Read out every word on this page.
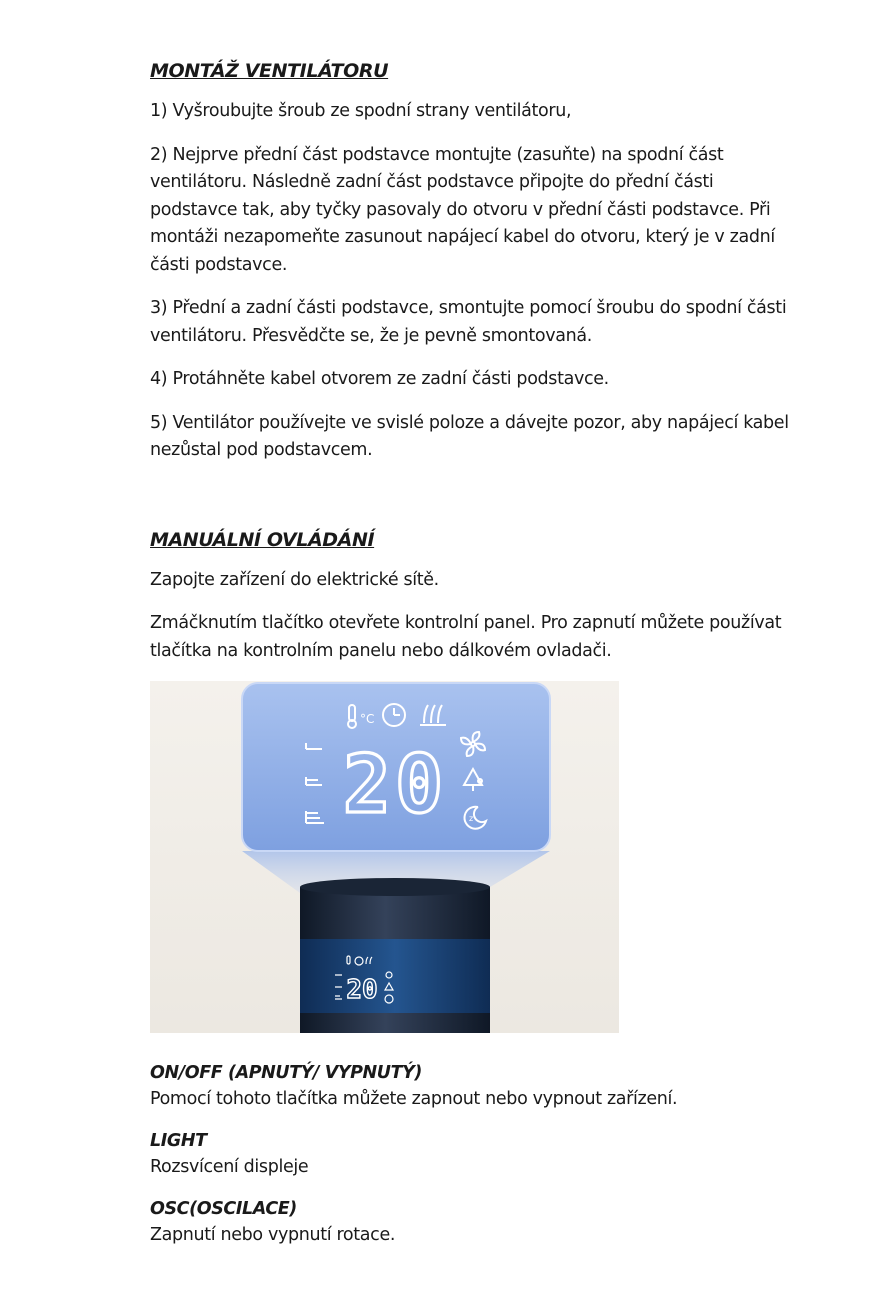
MONTÁŽ VENTILÁTORU

1) Vyšroubujte šroub ze spodní strany ventilátoru,

2) Nejprve přední část podstavce montujte (zasuňte) na spodní část ventilátoru. Následně zadní část podstavce připojte do přední části podstavce tak, aby tyčky pasovaly do otvoru v přední části podstavce. Při montáži nezapomeňte zasunout napájecí kabel do otvoru, který je v zadní části podstavce.

3) Přední a zadní části podstavce, smontujte pomocí šroubu do spodní části ventilátoru. Přesvědčte se, že je pevně smontovaná.

4) Protáhněte kabel otvorem ze zadní části podstavce.

5) Ventilátor používejte ve svislé poloze a dávejte pozor, aby napájecí kabel nezůstal pod podstavcem.

MANUÁLNÍ OVLÁDÁNÍ

Zapojte zařízení do elektrické sítě.

Zmáčknutím tlačítko otevřete kontrolní panel. Pro zapnutí můžete používat tlačítka na kontrolním panelu nebo dálkovém ovladači.

°C
20	z
20

ON/OFF (APNUTÝ/ VYPNUTÝ)

Pomocí tohoto tlačítka můžete zapnout nebo vypnout zařízení.

LIGHT

Rozsvícení displeje

OSC(OSCILACE)

Zapnutí nebo vypnutí rotace.
